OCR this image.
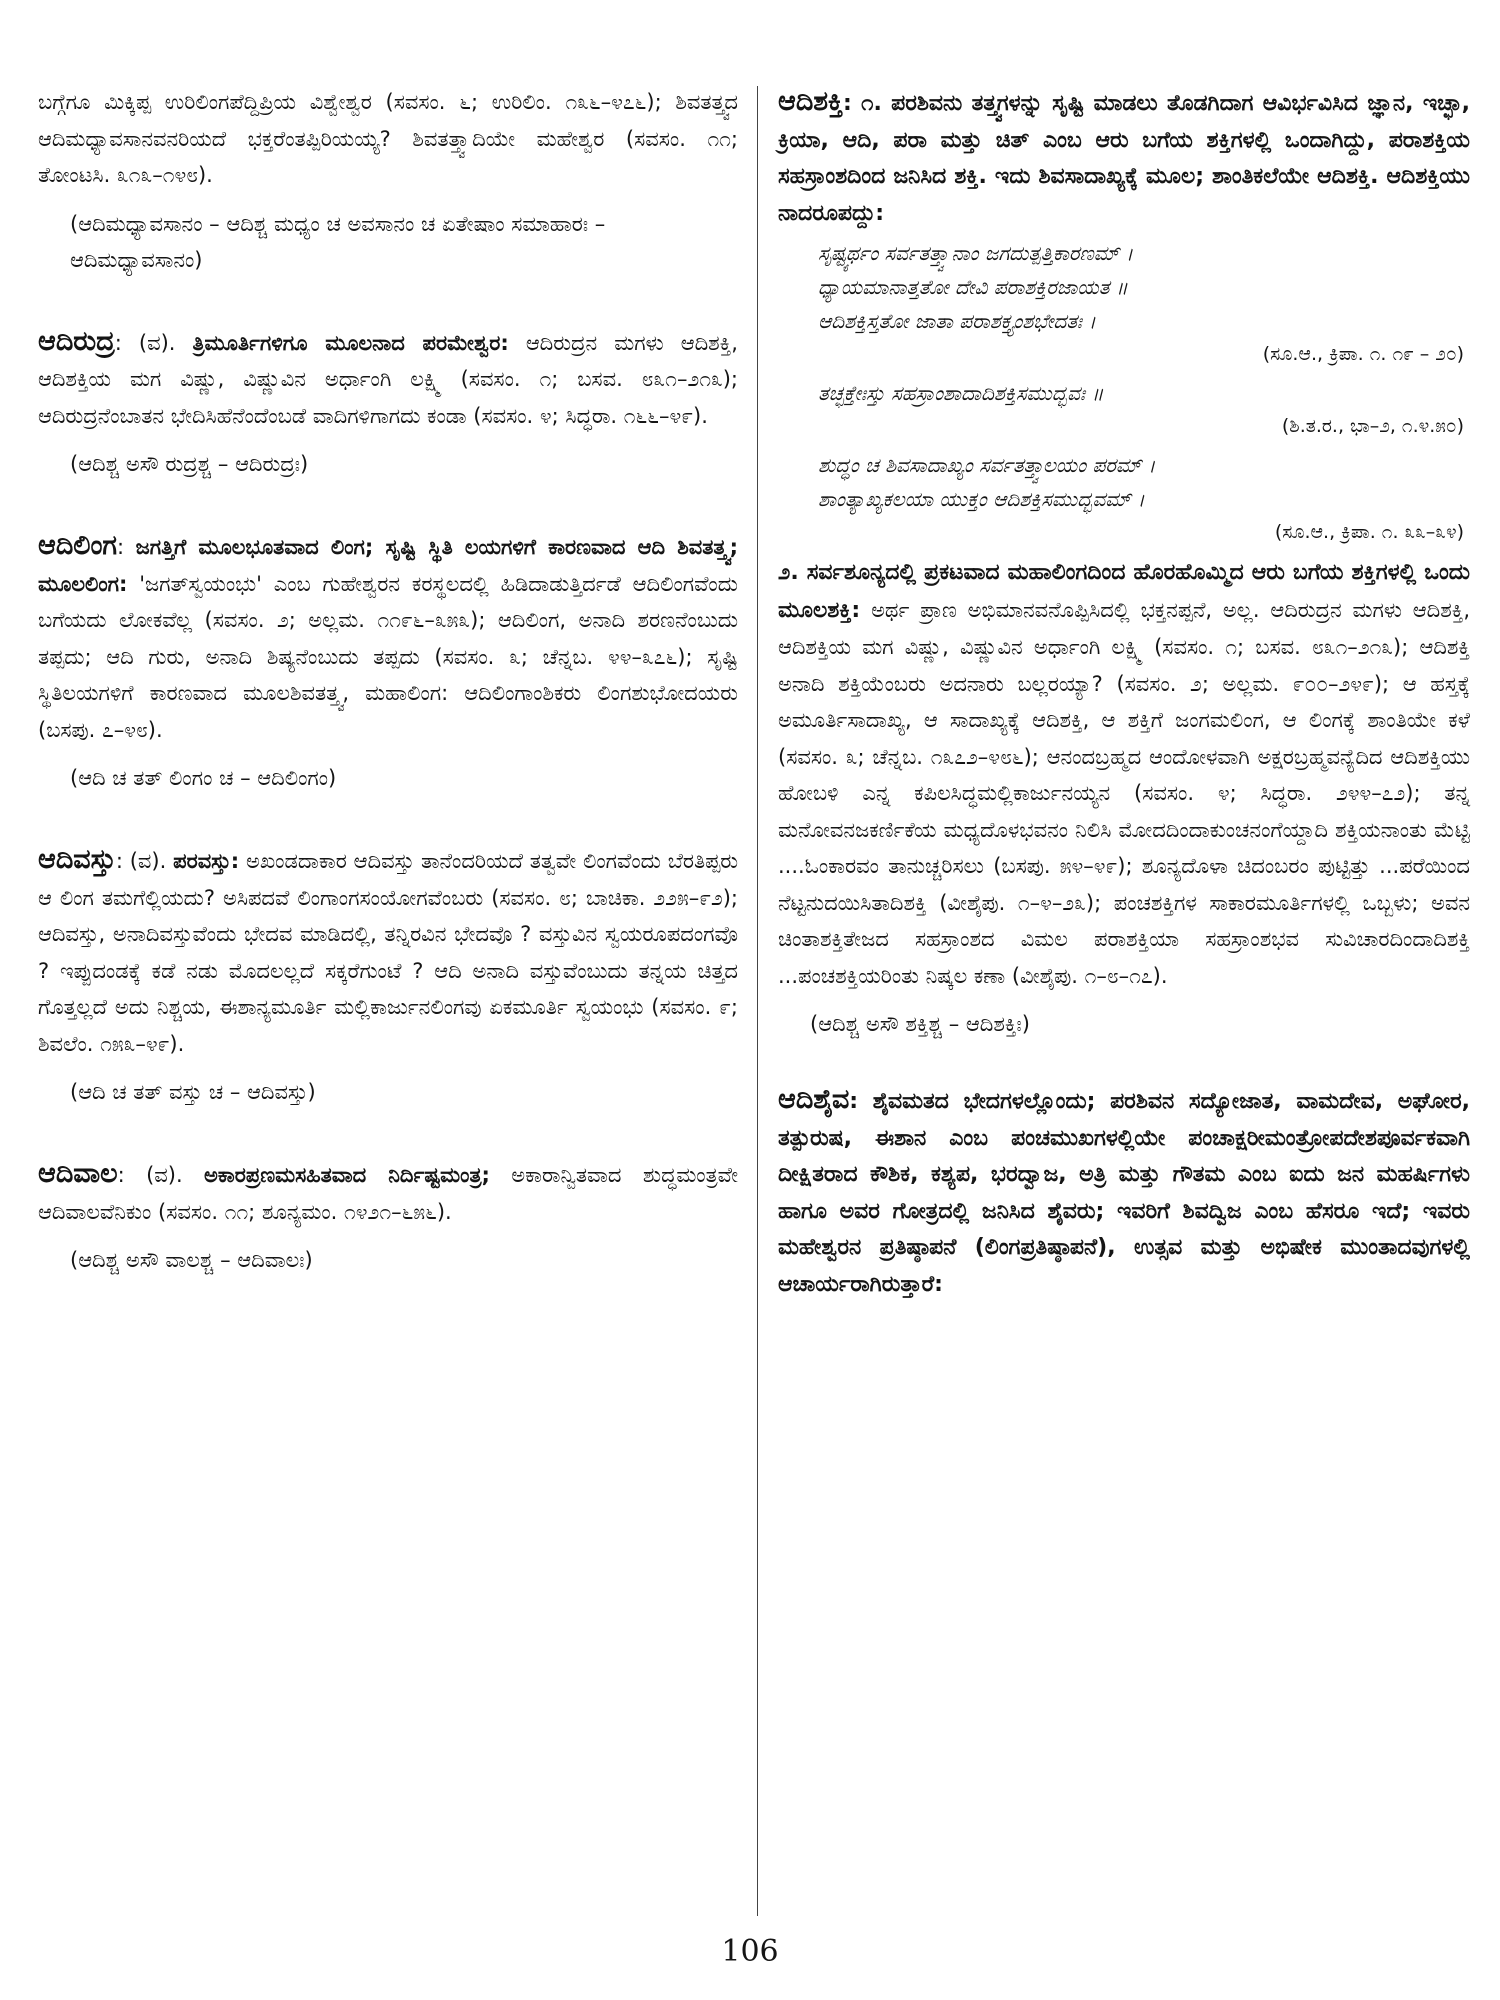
ಬಗ್ಗೆಗೂ ಮಿಕ್ಕಿಪ್ಪ ಉರಿಲಿಂಗಪೆದ್ದಿಪ್ರಿಯ ವಿಶ್ವೇಶ್ವರ (ಸವಸಂ. ೬; ಉರಿಲಿಂ. ೧೩೬–೪೭೬); ಶಿವತತ್ತ್ವದ ಆದಿಮಧ್ಯಾವಸಾನವನರಿಯದೆ ಭಕ್ತರೆಂತಪ್ಪಿರಿಯಯ್ಯ? ಶಿವತತ್ತ್ವಾದಿಯೇ ಮಹೇಶ್ವರ (ಸವಸಂ. ೧೧; ತೋಂಟಸಿ. ೩೧೩–೧೪೮).

(ಆದಿಮಧ್ಯಾವಸಾನಂ – ಆದಿಶ್ಚ ಮಧ್ಯಂ ಚ ಅವಸಾನಂ ಚ ಏತೇಷಾಂ ಸಮಾಹಾರಃ – ಆದಿಮಧ್ಯಾವಸಾನಂ)

ಆದಿರುದ್ರ: (ವ). ತ್ರಿಮೂರ್ತಿಗಳಿಗೂ ಮೂಲನಾದ ಪರಮೇಶ್ವರ: ಆದಿರುದ್ರನ ಮಗಳು ಆದಿಶಕ್ತಿ, ಆದಿಶಕ್ತಿಯ ಮಗ ವಿಷ್ಣು, ವಿಷ್ಣುವಿನ ಅರ್ಧಾಂಗಿ ಲಕ್ಷ್ಮಿ (ಸವಸಂ. ೧; ಬಸವ. ೮೩೧–೨೧೩); ಆದಿರುದ್ರನೆಂಬಾತನ ಭೇದಿಸಿಹೆನೆಂದೆಂಬಡೆ ವಾದಿಗಳಿಗಾಗದು ಕಂಡಾ (ಸವಸಂ. ೪; ಸಿದ್ಧರಾ. ೧೬೬–೪೯).

(ಆದಿಶ್ಚ ಅಸೌ ರುದ್ರಶ್ಚ – ಆದಿರುದ್ರಃ)

ಆದಿಲಿಂಗ: ಜಗತ್ತಿಗೆ ಮೂಲಭೂತವಾದ ಲಿಂಗ; ಸೃಷ್ಟಿ ಸ್ಥಿತಿ ಲಯಗಳಿಗೆ ಕಾರಣವಾದ ಆದಿ ಶಿವತತ್ತ್ವ; ಮೂಲಲಿಂಗ: 'ಜಗತ್‌ಸ್ವಯಂಭು' ಎಂಬ ಗುಹೇಶ್ವರನ ಕರಸ್ಥಲದಲ್ಲಿ ಹಿಡಿದಾಡುತ್ತಿರ್ದಡೆ ಆದಿಲಿಂಗವೆಂದು ಬಗೆಯದು ಲೋಕವೆಲ್ಲ (ಸವಸಂ. ೨; ಅಲ್ಲಮ. ೧೧೯೬–೩೫೩); ಆದಿಲಿಂಗ, ಅನಾದಿ ಶರಣನೆಂಬುದು ತಪ್ಪದು; ಆದಿ ಗುರು, ಅನಾದಿ ಶಿಷ್ಯನೆಂಬುದು ತಪ್ಪದು (ಸವಸಂ. ೩; ಚೆನ್ನಬ. ೪೪–೩೭೬); ಸೃಷ್ಟಿ ಸ್ಥಿತಿಲಯಗಳಿಗೆ ಕಾರಣವಾದ ಮೂಲಶಿವತತ್ತ್ವ, ಮಹಾಲಿಂಗ: ಆದಿಲಿಂಗಾಂಶಿಕರು ಲಿಂಗಶುಭೋದಯರು (ಬಸಪು. ೭–೪೮).

(ಆದಿ ಚ ತತ್ ಲಿಂಗಂ ಚ – ಆದಿಲಿಂಗಂ)

ಆದಿವಸ್ತು: (ವ). ಪರವಸ್ತು: ಅಖಂಡದಾಕಾರ ಆದಿವಸ್ತು ತಾನೆಂದರಿಯದೆ ತತ್ವವೇ ಲಿಂಗವೆಂದು ಬೆರತಿಪ್ಪರು ಆ ಲಿಂಗ ತಮಗೆಲ್ಲಿಯದು? ಅಸಿಪದವೆ ಲಿಂಗಾಂಗಸಂಯೋಗವೆಂಬರು (ಸವಸಂ. ೮; ಬಾಚಿಕಾ. ೨೨೫–೯೨); ಆದಿವಸ್ತು, ಅನಾದಿವಸ್ತುವೆಂದು ಭೇದವ ಮಾಡಿದಲ್ಲಿ, ತನ್ನಿರವಿನ ಭೇದವೊ ? ವಸ್ತುವಿನ ಸ್ವಯರೂಪದಂಗವೊ ? ಇಪ್ಪುದಂಡಕ್ಕೆ ಕಡೆ ನಡು ಮೊದಲಲ್ಲದೆ ಸಕ್ಕರೆಗುಂಟೆ ? ಆದಿ ಅನಾದಿ ವಸ್ತುವೆಂಬುದು ತನ್ನಯ ಚಿತ್ತದ ಗೊತ್ತಲ್ಲದೆ ಅದು ನಿಶ್ಚಯ, ಈಶಾನ್ಯಮೂರ್ತಿ ಮಲ್ಲಿಕಾರ್ಜುನಲಿಂಗವು ಏಕಮೂರ್ತಿ ಸ್ವಯಂಭು (ಸವಸಂ. ೯; ಶಿವಲೆಂ. ೧೫೩–೪೯).

(ಆದಿ ಚ ತತ್ ವಸ್ತು ಚ – ಆದಿವಸ್ತು)

ಆದಿವಾಲ: (ವ). ಅಕಾರಪ್ರಣಮಸಹಿತವಾದ ನಿರ್ದಿಷ್ಟಮಂತ್ರ; ಅಕಾರಾನ್ವಿತವಾದ ಶುದ್ಧಮಂತ್ರವೇ ಆದಿವಾಲವೆನಿಕುಂ (ಸವಸಂ. ೧೧; ಶೂನ್ಯಮಂ. ೧೪೨೧–೬೫೬).

(ಆದಿಶ್ಚ ಅಸೌ ವಾಲಶ್ಚ – ಆದಿವಾಲಃ)

ಆದಿಶಕ್ತಿ: ೧. ಪರಶಿವನು ತತ್ತ್ವಗಳನ್ನು ಸೃಷ್ಟಿ ಮಾಡಲು ತೊಡಗಿದಾಗ ಆವಿರ್ಭವಿಸಿದ ಜ್ಞಾನ, ಇಚ್ಛಾ, ಕ್ರಿಯಾ, ಆದಿ, ಪರಾ ಮತ್ತು ಚಿತ್ ಎಂಬ ಆರು ಬಗೆಯ ಶಕ್ತಿಗಳಲ್ಲಿ ಒಂದಾಗಿದ್ದು, ಪರಾಶಕ್ತಿಯ ಸಹಸ್ರಾಂಶದಿಂದ ಜನಿಸಿದ ಶಕ್ತಿ. ಇದು ಶಿವಸಾದಾಖ್ಯಕ್ಕೆ ಮೂಲ; ಶಾಂತಿಕಲೆಯೇ ಆದಿಶಕ್ತಿ. ಆದಿಶಕ್ತಿಯು ನಾದರೂಪದ್ದು:

ಸೃಷ್ಟ್ಯರ್ಥಂ ಸರ್ವತತ್ತ್ವಾನಾಂ ಜಗದುತ್ಪತ್ತಿಕಾರಣಮ್ ।
ಧ್ಯಾಯಮಾನಾತ್ತತೋ ದೇವಿ ಪರಾಶಕ್ತಿರಜಾಯತ ॥
ಆದಿಶಕ್ತಿಸ್ತತೋ ಜಾತಾ ಪರಾಶಕ್ತ್ಯಂಶಭೇದತಃ ।
(ಸೂ.ಆ., ಕ್ರಿಪಾ. ೧. ೧೯ – ೨೦)
ತಚ್ಛಕ್ತೇಃಸ್ತು ಸಹಸ್ರಾಂಶಾದಾದಿಶಕ್ತಿಸಮುದ್ಭವಃ ॥
(ಶಿ.ತ.ರ., ಭಾ–೨, ೧.೪.೫೦)
ಶುದ್ಧಂ ಚ ಶಿವಸಾದಾಖ್ಯಂ ಸರ್ವತತ್ತ್ವಾಲಯಂ ಪರಮ್ ।
ಶಾಂತ್ಯಾಖ್ಯಕಲಯಾ ಯುಕ್ತಂ ಆದಿಶಕ್ತಿಸಮುದ್ಭವಮ್ ।
(ಸೂ.ಆ., ಕ್ರಿಪಾ. ೧. ೩೩–೩೪)

೨. ಸರ್ವಶೂನ್ಯದಲ್ಲಿ ಪ್ರಕಟವಾದ ಮಹಾಲಿಂಗದಿಂದ ಹೊರಹೊಮ್ಮಿದ ಆರು ಬಗೆಯ ಶಕ್ತಿಗಳಲ್ಲಿ ಒಂದು ಮೂಲಶಕ್ತಿ: ಅರ್ಥ ಪ್ರಾಣ ಅಭಿಮಾನವನೊಪ್ಪಿಸಿದಲ್ಲಿ ಭಕ್ತನಪ್ಪನೆ, ಅಲ್ಲ. ಆದಿರುದ್ರನ ಮಗಳು ಆದಿಶಕ್ತಿ, ಆದಿಶಕ್ತಿಯ ಮಗ ವಿಷ್ಣು, ವಿಷ್ಣುವಿನ ಅರ್ಧಾಂಗಿ ಲಕ್ಷ್ಮಿ (ಸವಸಂ. ೧; ಬಸವ. ೮೩೧–೨೧೩); ಆದಿಶಕ್ತಿ ಅನಾದಿ ಶಕ್ತಿಯೆಂಬರು ಅದನಾರು ಬಲ್ಲರಯ್ಯಾ? (ಸವಸಂ. ೨; ಅಲ್ಲಮ. ೯೦೦–೨೪೯); ಆ ಹಸ್ತಕ್ಕೆ ಅಮೂರ್ತಿಸಾದಾಖ್ಯ, ಆ ಸಾದಾಖ್ಯಕ್ಕೆ ಆದಿಶಕ್ತಿ, ಆ ಶಕ್ತಿಗೆ ಜಂಗಮಲಿಂಗ, ಆ ಲಿಂಗಕ್ಕೆ ಶಾಂತಿಯೇ ಕಳೆ (ಸವಸಂ. ೩; ಚೆನ್ನಬ. ೧೩೭೨–೪೮೬); ಆನಂದಬ್ರಹ್ಮದ ಆಂದೋಳವಾಗಿ ಅಕ್ಷರಬ್ರಹ್ಮವನ್ಯೆದಿದ ಆದಿಶಕ್ತಿಯು ಹೋಬಳಿ ಎನ್ನ ಕಪಿಲಸಿದ್ಧಮಲ್ಲಿಕಾರ್ಜುನಯ್ಯನ (ಸವಸಂ. ೪; ಸಿದ್ಧರಾ. ೨೪೪–೭೨); ತನ್ನ ಮನೋವನಜಕರ್ಣಿಕೆಯ ಮಧ್ಯದೊಳಭವನಂ ನಿಲಿಸಿ ಮೋದದಿಂದಾಕುಂಚನಂಗೆಯ್ದಾದಿ ಶಕ್ತಿಯನಾಂತು ಮೆಟ್ಟಿ ....ಓಂಕಾರವಂ ತಾನುಚ್ಚರಿಸಲು (ಬಸಪು. ೫೪–೪೯); ಶೂನ್ಯದೊಳಾ ಚಿದಂಬರಂ ಪುಟ್ಟಿತ್ತು ...ಪರೆಯಿಂದ ನೆಟ್ಟನುದಯಿಸಿತಾದಿಶಕ್ತಿ (ವೀಶೈಪು. ೧–೪–೨೩); ಪಂಚಶಕ್ತಿಗಳ ಸಾಕಾರಮೂರ್ತಿಗಳಲ್ಲಿ ಒಬ್ಬಳು; ಅವನ ಚಿಂತಾಶಕ್ತಿತೇಜದ ಸಹಸ್ರಾಂಶದ ವಿಮಲ ಪರಾಶಕ್ತಿಯಾ ಸಹಸ್ರಾಂಶಭವ ಸುವಿಚಾರದಿಂದಾದಿಶಕ್ತಿ ...ಪಂಚಶಕ್ತಿಯರಿಂತು ನಿಷ್ಕಲ ಕಣಾ (ವೀಶೈಪು. ೧–೮–೧೭).

(ಆದಿಶ್ಚ ಅಸೌ ಶಕ್ತಿಶ್ಚ – ಆದಿಶಕ್ತಿಃ)

ಆದಿಶೈವ: ಶೈವಮತದ ಭೇದಗಳಲ್ಲೊಂದು; ಪರಶಿವನ ಸದ್ಯೋಜಾತ, ವಾಮದೇವ, ಅಘೋರ, ತತ್ಪುರುಷ, ಈಶಾನ ಎಂಬ ಪಂಚಮುಖಗಳಲ್ಲಿಯೇ ಪಂಚಾಕ್ಷರೀಮಂತ್ರೋಪದೇಶಪೂರ್ವಕವಾಗಿ ದೀಕ್ಷಿತರಾದ ಕೌಶಿಕ, ಕಶ್ಯಪ, ಭರದ್ವಾಜ, ಅತ್ರಿ ಮತ್ತು ಗೌತಮ ಎಂಬ ಐದು ಜನ ಮಹರ್ಷಿಗಳು ಹಾಗೂ ಅವರ ಗೋತ್ರದಲ್ಲಿ ಜನಿಸಿದ ಶೈವರು; ಇವರಿಗೆ ಶಿವದ್ವಿಜ ಎಂಬ ಹೆಸರೂ ಇದೆ; ಇವರು ಮಹೇಶ್ವರನ ಪ್ರತಿಷ್ಠಾಪನೆ (ಲಿಂಗಪ್ರತಿಷ್ಠಾಪನೆ), ಉತ್ಸವ ಮತ್ತು ಅಭಿಷೇಕ ಮುಂತಾದವುಗಳಲ್ಲಿ ಆಚಾರ್ಯರಾಗಿರುತ್ತಾರೆ:

106
